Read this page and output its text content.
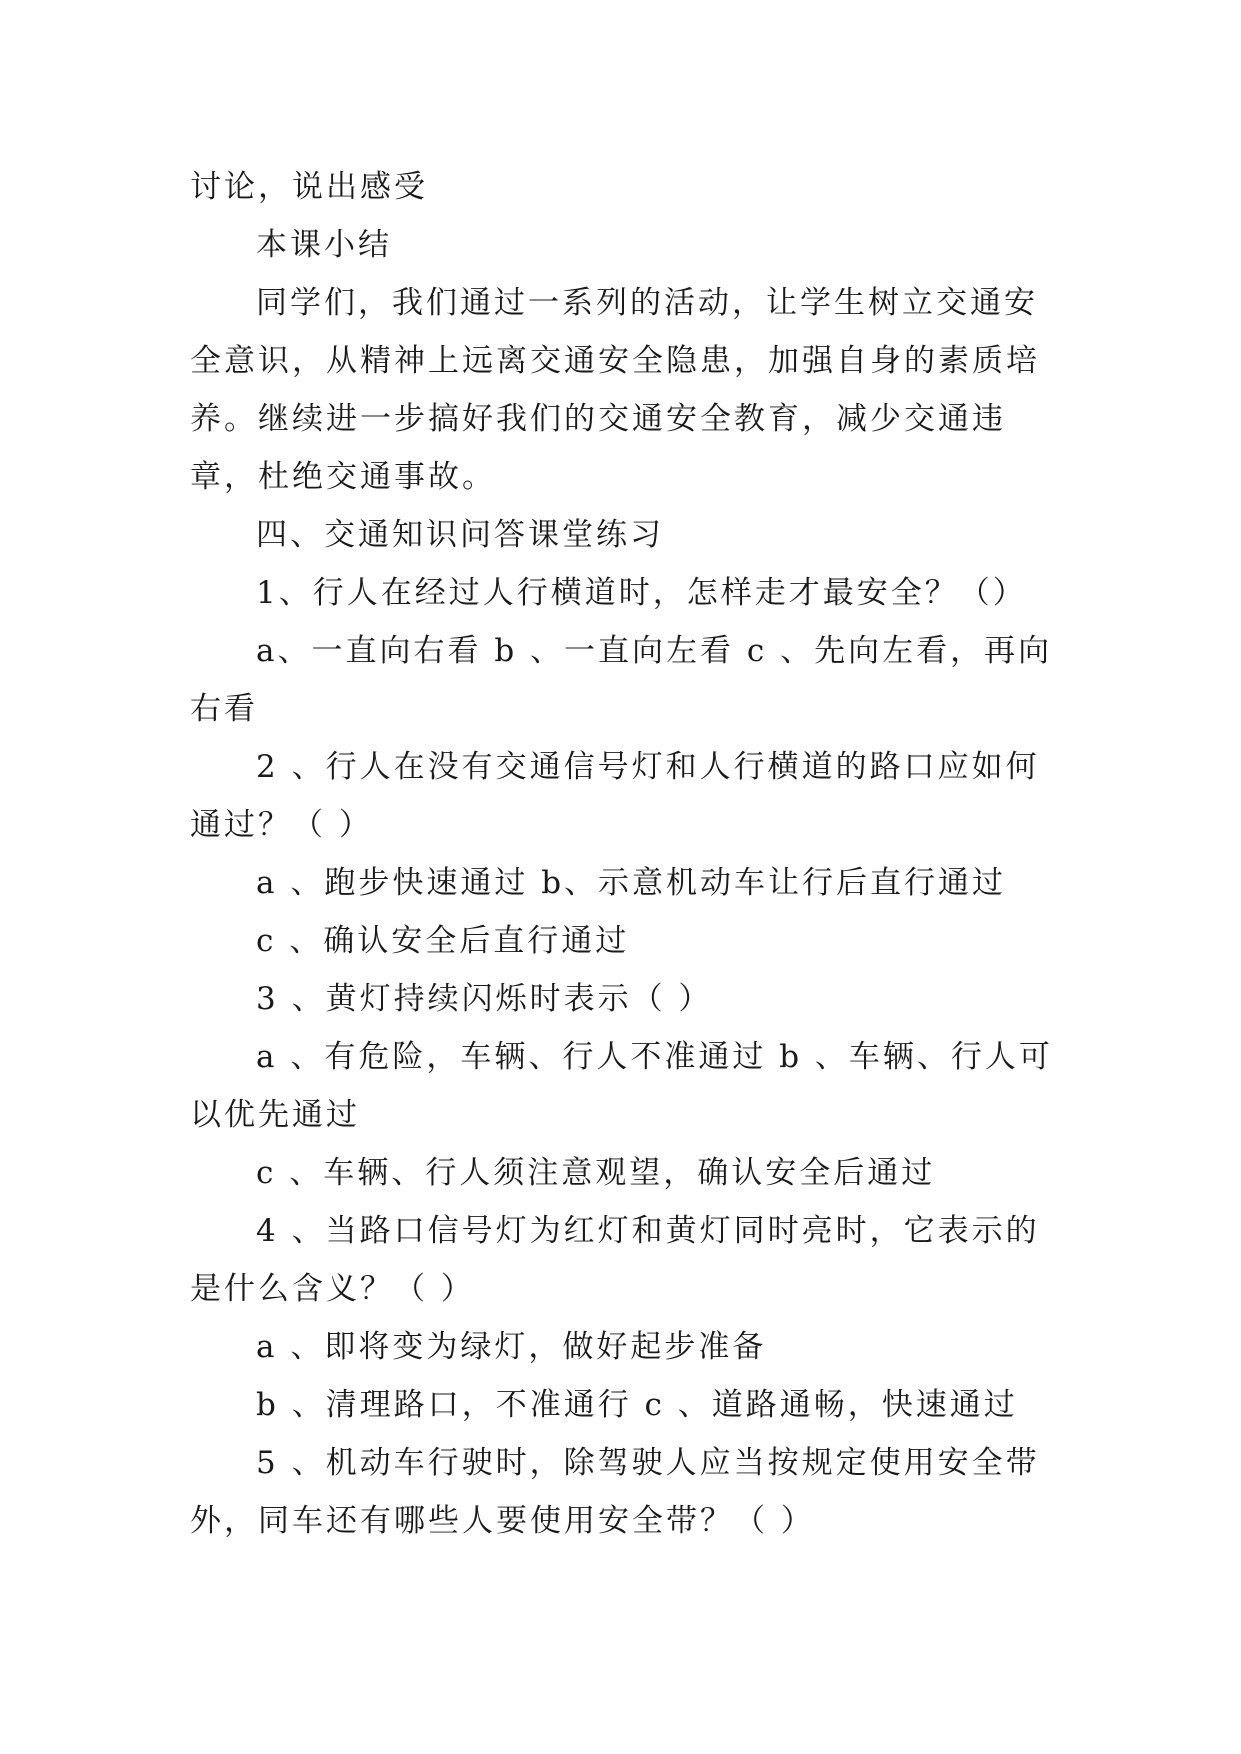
讨论，说出感受

本课小结

同学们，我们通过一系列的活动，让学生树立交通安全意识，从精神上远离交通安全隐患，加强自身的素质培养。继续进一步搞好我们的交通安全教育，减少交通违章，杜绝交通事故。

四、交通知识问答课堂练习

1、行人在经过人行横道时，怎样走才最安全？（）

a、一直向右看 b 、一直向左看 c 、先向左看，再向右看

2 、行人在没有交通信号灯和人行横道的路口应如何通过？（ ）

a 、跑步快速通过 b、示意机动车让行后直行通过

c 、确认安全后直行通过

3 、黄灯持续闪烁时表示（ ）

a 、有危险，车辆、行人不准通过 b 、车辆、行人可以优先通过

c 、车辆、行人须注意观望，确认安全后通过

4 、当路口信号灯为红灯和黄灯同时亮时，它表示的是什么含义？（ ）

a 、即将变为绿灯，做好起步准备

b 、清理路口，不准通行 c 、道路通畅，快速通过

5 、机动车行驶时，除驾驶人应当按规定使用安全带外，同车还有哪些人要使用安全带？（ ）
